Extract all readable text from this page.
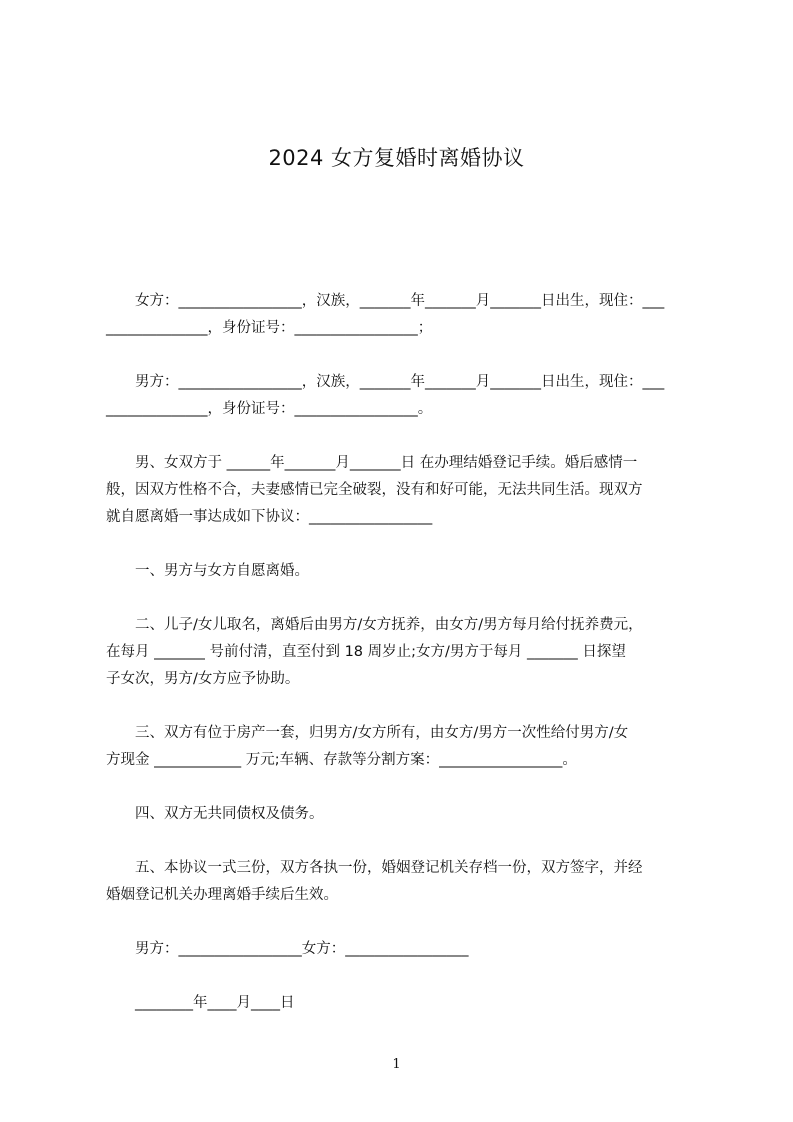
2024 女方复婚时离婚协议
　　女方：_________________，汉族，_______年_______月_______日出生，现住：___
______________，身份证号：_________________；
　　男方：_________________，汉族，_______年_______月_______日出生，现住：___
______________，身份证号：_________________。
　　男、女双方于 ______年_______月_______日 在办理结婚登记手续。婚后感情一
般，因双方性格不合，夫妻感情已完全破裂，没有和好可能，无法共同生活。现双方
就自愿离婚一事达成如下协议：_________________
　　一、男方与女方自愿离婚。
　　二、儿子/女儿取名，离婚后由男方/女方抚养，由女方/男方每月给付抚养费元，
在每月 _______ 号前付清，直至付到 18 周岁止;女方/男方于每月 _______ 日探望
子女次，男方/女方应予协助。
　　三、双方有位于房产一套，归男方/女方所有，由女方/男方一次性给付男方/女
方现金 ____________ 万元;车辆、存款等分割方案：_________________。
　　四、双方无共同债权及债务。
　　五、本协议一式三份，双方各执一份，婚姻登记机关存档一份，双方签字，并经
婚姻登记机关办理离婚手续后生效。
　　男方：_________________女方：_________________
　　________年____月____日
1
